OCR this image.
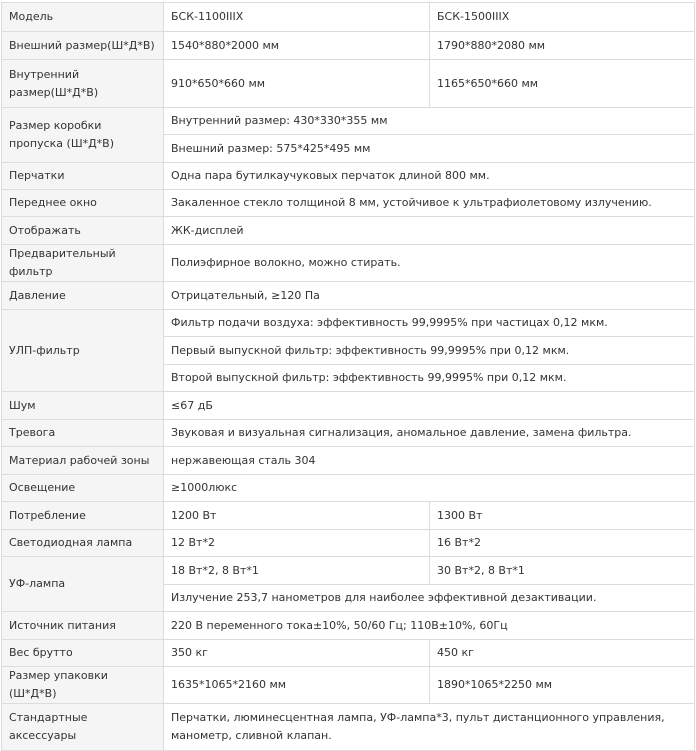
Модель	БСК-1100IIIX	БСК-1500IIIX
Внешний размер(Ш*Д*В)	1540*880*2000 мм	1790*880*2080 мм
Внутренний размер(Ш*Д*В)	910*650*660 мм	1165*650*660 мм
Размер коробки пропуска (Ш*Д*В)	Внутренний размер: 430*330*355 мм	
	Внешний размер: 575*425*495 мм	
Перчатки	Одна пара бутилкаучуковых перчаток длиной 800 мм.	
Переднее окно	Закаленное стекло толщиной 8 мм, устойчивое к ультрафиолетовому излучению.	
Отображать	ЖК-дисплей	
Предварительный фильтр	Полиэфирное волокно, можно стирать.	
Давление	Отрицательный, ≥120 Па	
УЛП-фильтр	Фильтр подачи воздуха: эффективность 99,9995% при частицах 0,12 мкм.	
	Первый выпускной фильтр: эффективность 99,9995% при 0,12 мкм.	
	Второй выпускной фильтр: эффективность 99,9995% при 0,12 мкм.	
Шум	≤67 дБ	
Тревога	Звуковая и визуальная сигнализация, аномальное давление, замена фильтра.	
Материал рабочей зоны	нержавеющая сталь 304	
Освещение	≥1000люкс	
Потребление	1200 Вт	1300 Вт
Светодиодная лампа	12 Вт*2	16 Вт*2
УФ-лампа	18 Вт*2, 8 Вт*1	30 Вт*2, 8 Вт*1
	Излучение 253,7 нанометров для наиболее эффективной дезактивации.	
Источник питания	220 В переменного тока±10%, 50/60 Гц; 110В±10%, 60Гц	
Вес брутто	350 кг	450 кг
Размер упаковки (Ш*Д*В)	1635*1065*2160 мм	1890*1065*2250 мм
Стандартные аксессуары	Перчатки, люминесцентная лампа, УФ-лампа*3, пульт дистанционного управления, манометр, сливной клапан.	
